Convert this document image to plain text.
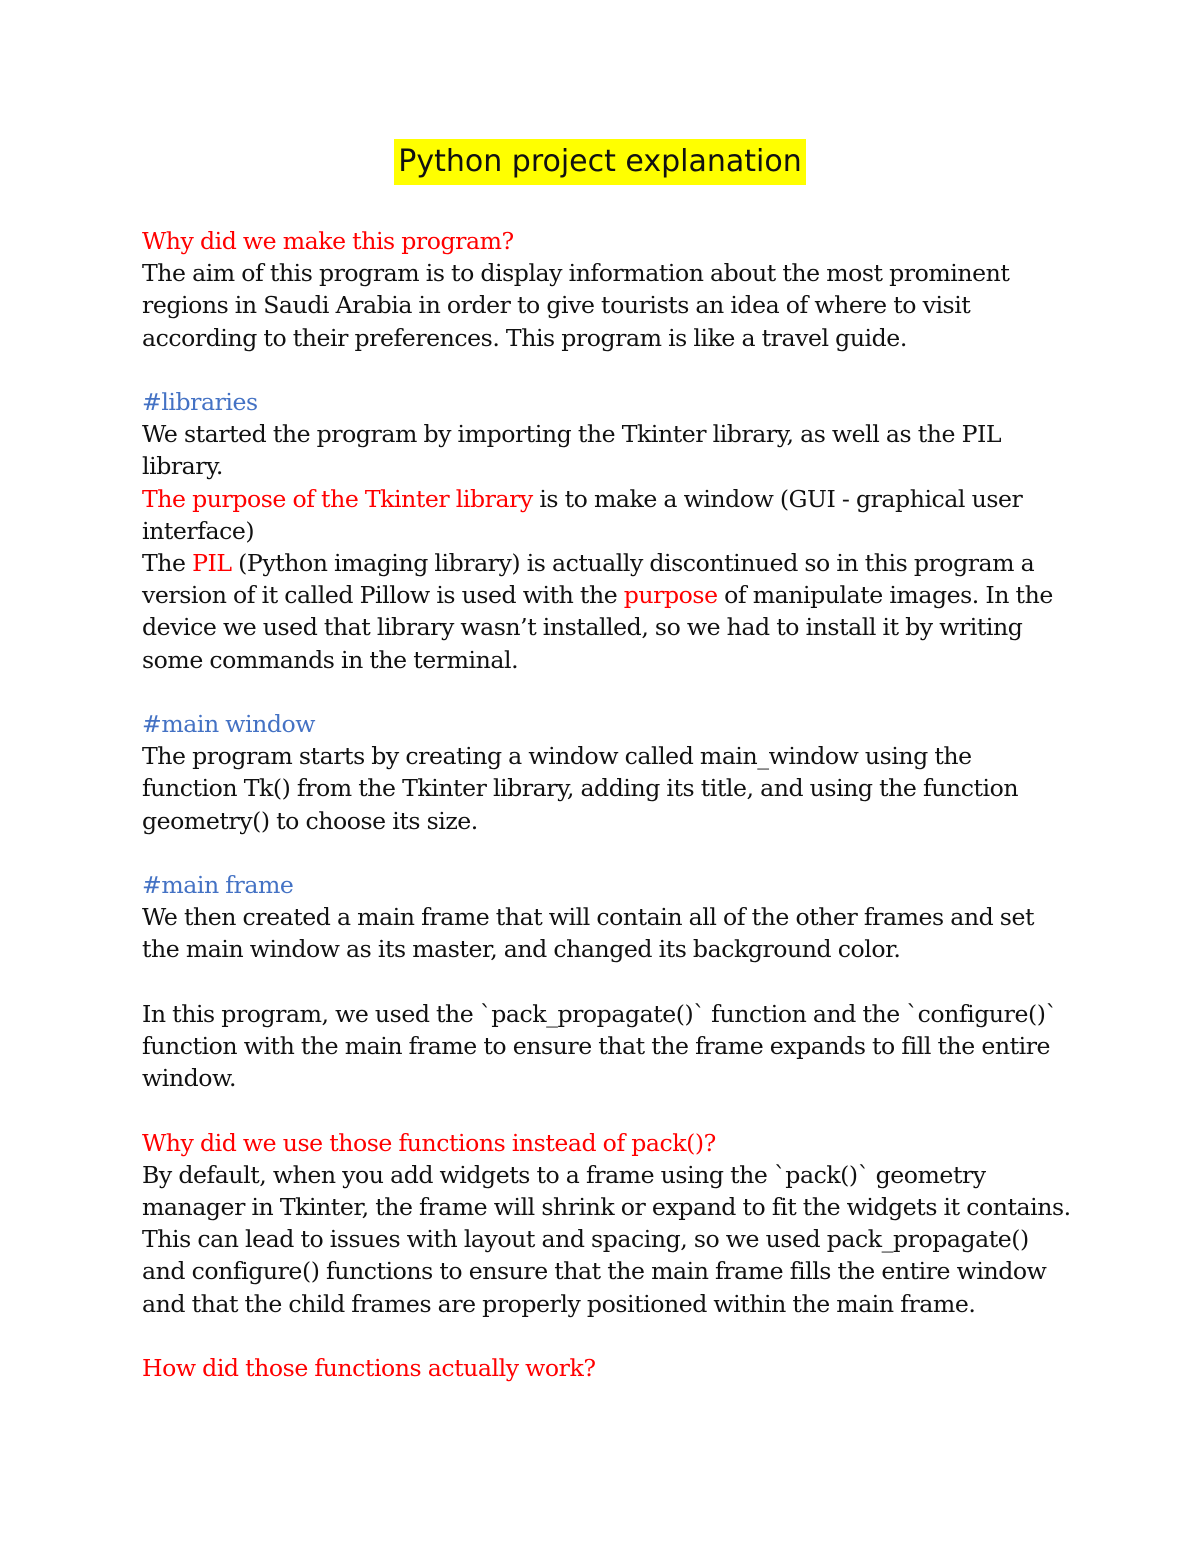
Python project explanation

Why did we make this program?

The aim of this program is to display information about the most prominent regions in Saudi Arabia in order to give tourists an idea of where to visit according to their preferences. This program is like a travel guide.

#libraries

We started the program by importing the Tkinter library, as well as the PIL library.

The purpose of the Tkinter library is to make a window (GUI - graphical user interface)

The PIL (Python imaging library) is actually discontinued so in this program a version of it called Pillow is used with the purpose of manipulate images. In the device we used that library wasn’t installed, so we had to install it by writing some commands in the terminal.

#main window

The program starts by creating a window called main_window using the function Tk() from the Tkinter library, adding its title, and using the function geometry() to choose its size.

#main frame

We then created a main frame that will contain all of the other frames and set the main window as its master, and changed its background color.

In this program, we used the `pack_propagate()` function and the `configure()` function with the main frame to ensure that the frame expands to fill the entire window.

Why did we use those functions instead of pack()?

By default, when you add widgets to a frame using the `pack()` geometry manager in Tkinter, the frame will shrink or expand to fit the widgets it contains. This can lead to issues with layout and spacing, so we used pack_propagate() and configure() functions to ensure that the main frame fills the entire window and that the child frames are properly positioned within the main frame.

How did those functions actually work?
